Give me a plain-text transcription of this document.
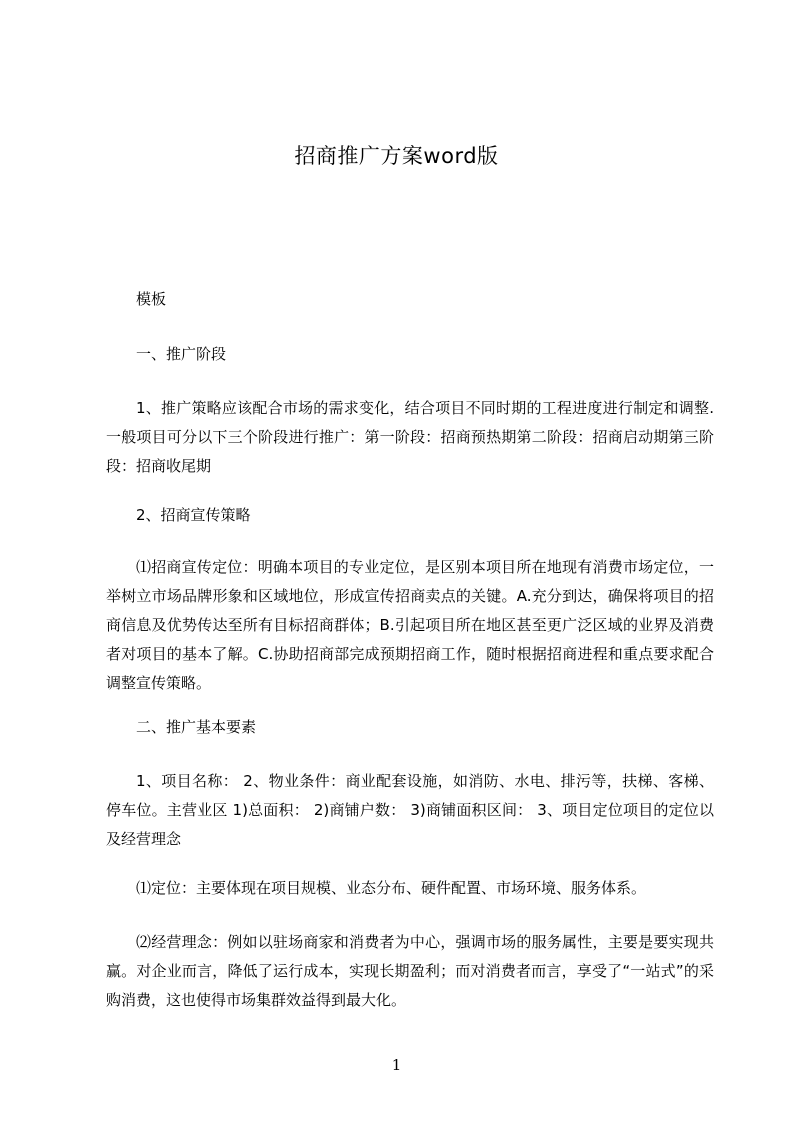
招商推广方案word版

模板

一、推广阶段

1、推广策略应该配合市场的需求变化，结合项目不同时期的工程进度进行制定和调整.一般项目可分以下三个阶段进行推广：第一阶段：招商预热期第二阶段：招商启动期第三阶段：招商收尾期

2、招商宣传策略

⑴招商宣传定位：明确本项目的专业定位，是区别本项目所在地现有消费市场定位，一举树立市场品牌形象和区域地位，形成宣传招商卖点的关键。A.充分到达，确保将项目的招商信息及优势传达至所有目标招商群体；B.引起项目所在地区甚至更广泛区域的业界及消费者对项目的基本了解。C.协助招商部完成预期招商工作，随时根据招商进程和重点要求配合调整宣传策略。

二、推广基本要素

1、项目名称： 2、物业条件：商业配套设施，如消防、水电、排污等，扶梯、客梯、停车位。主营业区 1)总面积： 2)商铺户数： 3)商铺面积区间： 3、项目定位项目的定位以及经营理念

⑴定位：主要体现在项目规模、业态分布、硬件配置、市场环境、服务体系。

⑵经营理念：例如以驻场商家和消费者为中心，强调市场的服务属性，主要是要实现共赢。对企业而言，降低了运行成本，实现长期盈利；而对消费者而言，享受了“一站式”的采购消费，这也使得市场集群效益得到最大化。

1
